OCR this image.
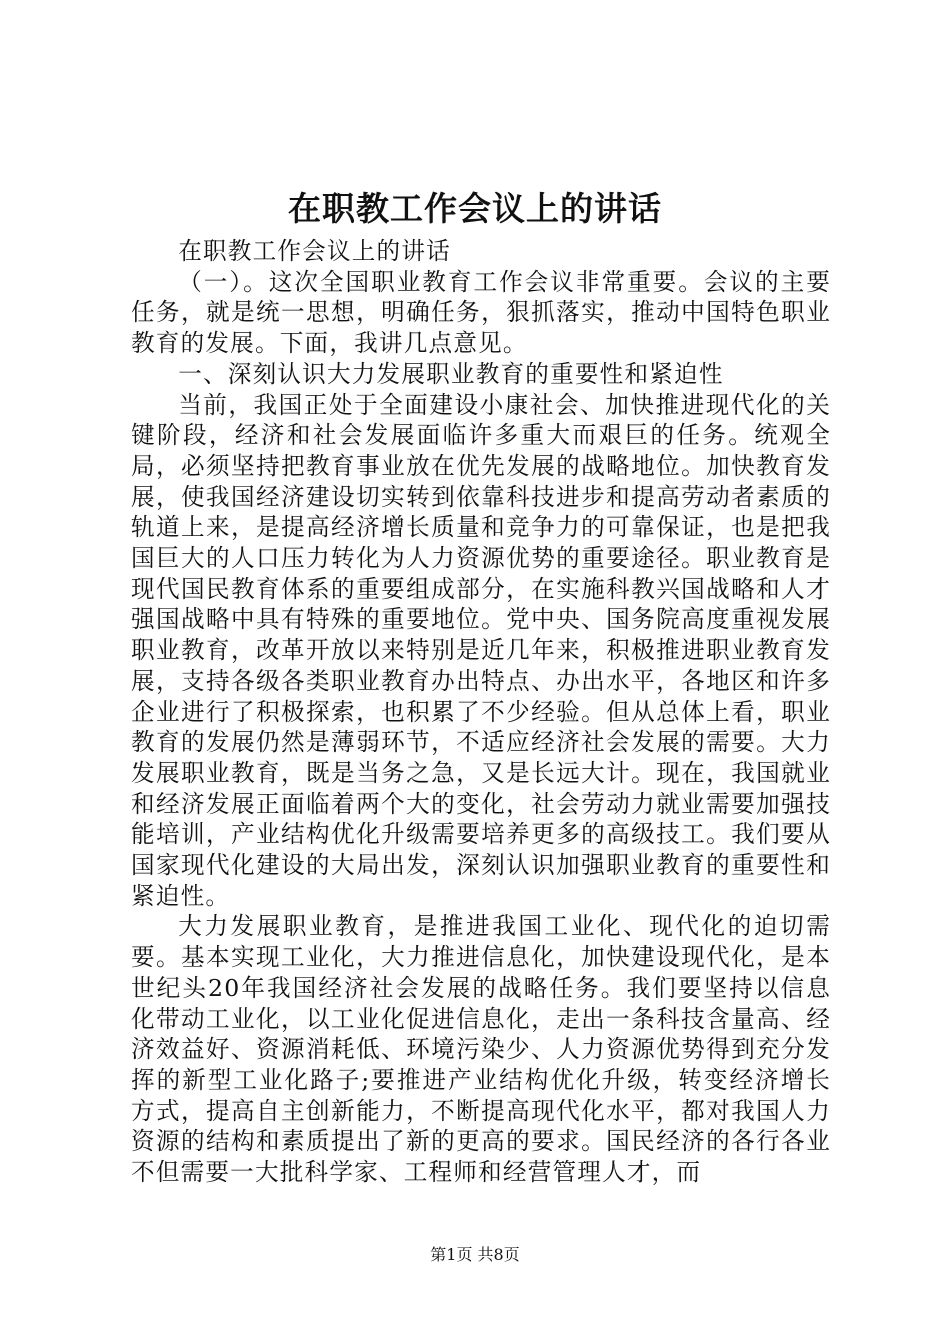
在职教工作会议上的讲话

在职教工作会议上的讲话

（一）。这次全国职业教育工作会议非常重要。会议的主要任务，就是统一思想，明确任务，狠抓落实，推动中国特色职业教育的发展。下面，我讲几点意见。

一、深刻认识大力发展职业教育的重要性和紧迫性

当前，我国正处于全面建设小康社会、加快推进现代化的关键阶段，经济和社会发展面临许多重大而艰巨的任务。统观全局，必须坚持把教育事业放在优先发展的战略地位。加快教育发展，使我国经济建设切实转到依靠科技进步和提高劳动者素质的轨道上来，是提高经济增长质量和竞争力的可靠保证，也是把我国巨大的人口压力转化为人力资源优势的重要途径。职业教育是现代国民教育体系的重要组成部分，在实施科教兴国战略和人才强国战略中具有特殊的重要地位。党中央、国务院高度重视发展职业教育，改革开放以来特别是近几年来，积极推进职业教育发展，支持各级各类职业教育办出特点、办出水平，各地区和许多企业进行了积极探索，也积累了不少经验。但从总体上看，职业教育的发展仍然是薄弱环节，不适应经济社会发展的需要。大力发展职业教育，既是当务之急，又是长远大计。现在，我国就业和经济发展正面临着两个大的变化，社会劳动力就业需要加强技能培训，产业结构优化升级需要培养更多的高级技工。我们要从国家现代化建设的大局出发，深刻认识加强职业教育的重要性和紧迫性。

大力发展职业教育，是推进我国工业化、现代化的迫切需要。基本实现工业化，大力推进信息化，加快建设现代化，是本世纪头20年我国经济社会发展的战略任务。我们要坚持以信息化带动工业化，以工业化促进信息化，走出一条科技含量高、经济效益好、资源消耗低、环境污染少、人力资源优势得到充分发挥的新型工业化路子;要推进产业结构优化升级，转变经济增长方式，提高自主创新能力，不断提高现代化水平，都对我国人力资源的结构和素质提出了新的更高的要求。国民经济的各行各业不但需要一大批科学家、工程师和经营管理人才，而

第1页 共8页
